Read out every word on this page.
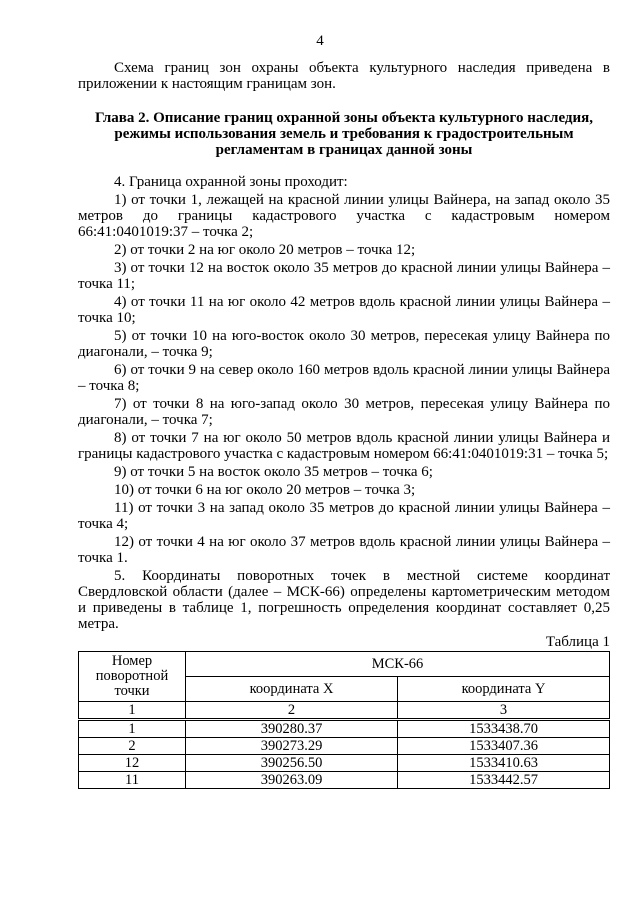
4

Схема границ зон охраны объекта культурного наследия приведена в приложении к настоящим границам зон.

Глава 2. Описание границ охранной зоны объекта культурного наследия, режимы использования земель и требования к градостроительным регламентам в границах данной зоны

4. Граница охранной зоны проходит:

1) от точки 1, лежащей на красной линии улицы Вайнера, на запад около 35 метров до границы кадастрового участка с кадастровым номером 66:41:0401019:37 – точка 2;

2) от точки 2 на юг около 20 метров – точка 12;

3) от точки 12 на восток около 35 метров до красной линии улицы Вайнера – точка 11;

4) от точки 11 на юг около 42 метров вдоль красной линии улицы Вайнера – точка 10;

5) от точки 10 на юго-восток около 30 метров, пересекая улицу Вайнера по диагонали, – точка 9;

6) от точки 9 на север около 160 метров вдоль красной линии улицы Вайнера – точка 8;

7) от точки 8 на юго-запад около 30 метров, пересекая улицу Вайнера по диагонали, – точка 7;

8) от точки 7 на юг около 50 метров вдоль красной линии улицы Вайнера и границы кадастрового участка с кадастровым номером 66:41:0401019:31 – точка 5;

9) от точки 5 на восток около 35 метров – точка 6;

10) от точки 6 на юг около 20 метров – точка 3;

11) от точки 3 на запад около 35 метров до красной линии улицы Вайнера – точка 4;

12) от точки 4 на юг около 37 метров вдоль красной линии улицы Вайнера – точка 1.

5. Координаты поворотных точек в местной системе координат Свердловской области (далее – МСК-66) определены картометрическим методом и приведены в таблице 1, погрешность определения координат составляет 0,25 метра.

Таблица 1
Номер поворотной точки	МСК-66	
	координата X	координата Y
1	2	3
1	390280.37	1533438.70
2	390273.29	1533407.36
12	390256.50	1533410.63
11	390263.09	1533442.57
